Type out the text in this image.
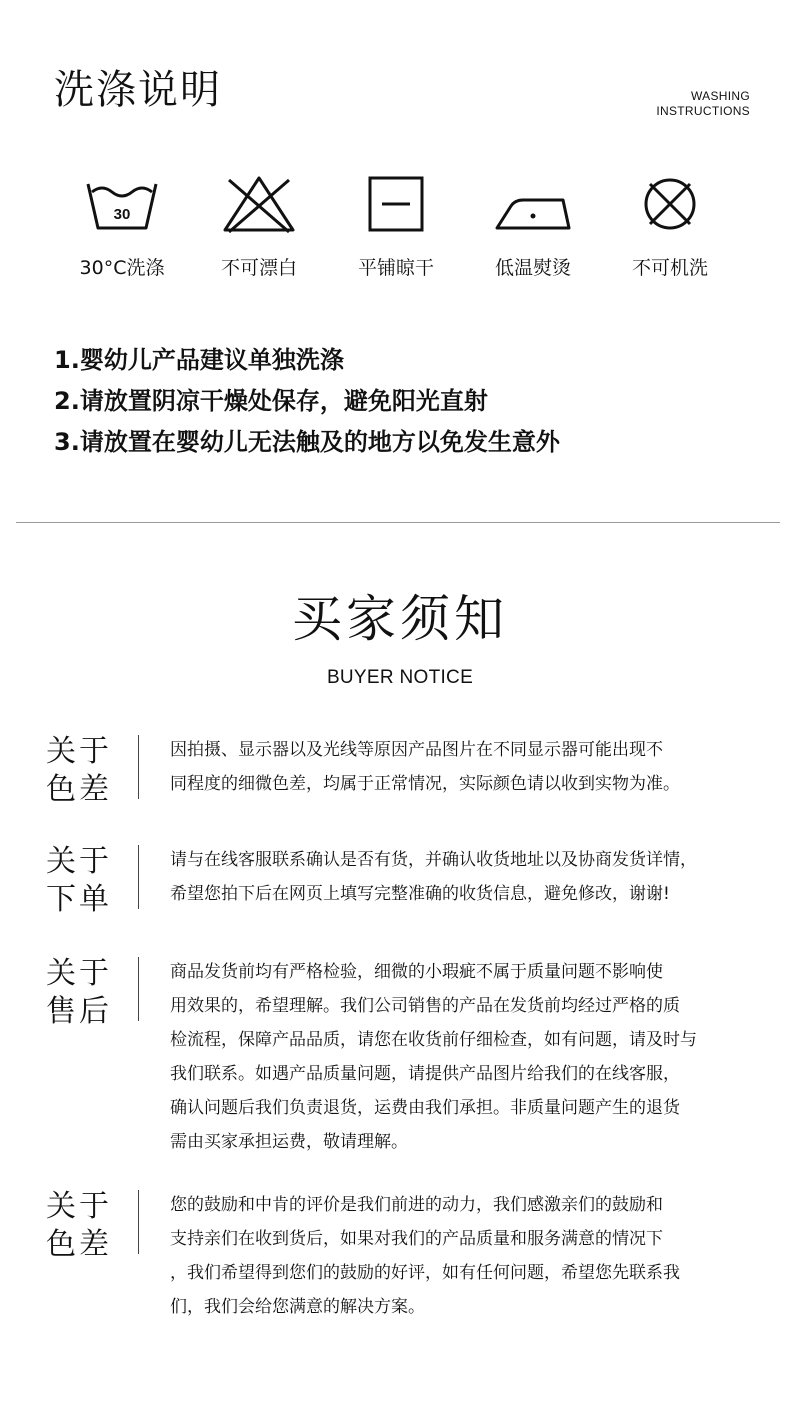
洗涤说明	WASHING
INSTRUCTIONS
30
30°C洗涤	不可漂白	平铺晾干	低温熨烫	不可机洗
1.婴幼儿产品建议单独洗涤
2.请放置阴凉干燥处保存，避免阳光直射
3.请放置在婴幼儿无法触及的地方以免发生意外
买家须知
BUYER NOTICE
关于
色差
因拍摄、显示器以及光线等原因产品图片在不同显示器可能出现不
同程度的细微色差，均属于正常情况，实际颜色请以收到实物为准。
关于
下单
请与在线客服联系确认是否有货，并确认收货地址以及协商发货详情，
希望您拍下后在网页上填写完整准确的收货信息，避免修改，谢谢!
关于
售后
商品发货前均有严格检验，细微的小瑕疵不属于质量问题不影响使
用效果的，希望理解。我们公司销售的产品在发货前均经过严格的质
检流程，保障产品品质，请您在收货前仔细检查，如有问题，请及时与
我们联系。如遇产品质量问题，请提供产品图片给我们的在线客服，
确认问题后我们负责退货，运费由我们承担。非质量问题产生的退货
需由买家承担运费，敬请理解。
关于
色差
您的鼓励和中肯的评价是我们前进的动力，我们感激亲们的鼓励和
支持亲们在收到货后，如果对我们的产品质量和服务满意的情况下
，我们希望得到您们的鼓励的好评，如有任何问题，希望您先联系我
们，我们会给您满意的解决方案。
